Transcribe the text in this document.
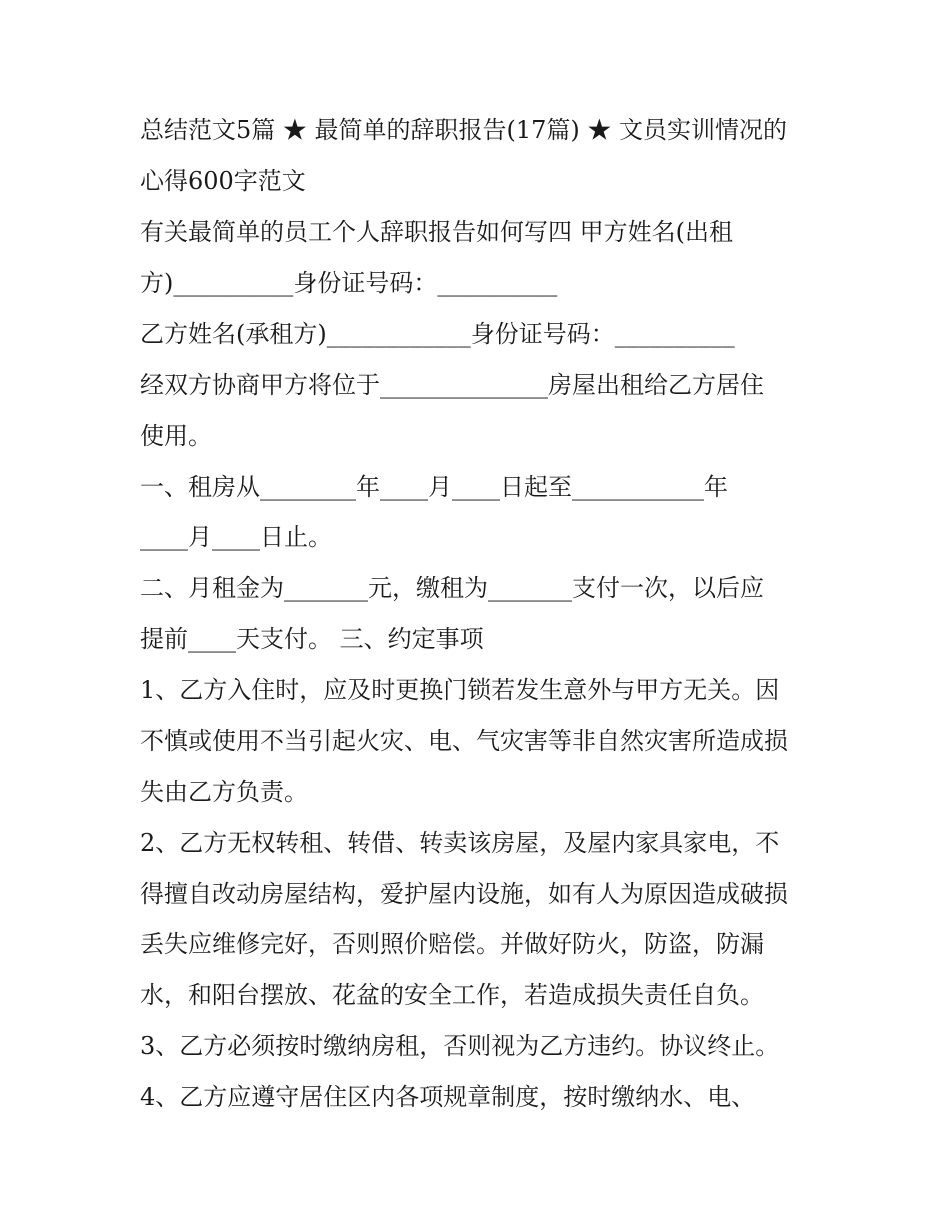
总结范文5篇 ★ 最简单的辞职报告(17篇) ★ 文员实训情况的

心得600字范文

有关最简单的员工个人辞职报告如何写四 甲方姓名(出租

方)__________身份证号码：__________

乙方姓名(承租方)____________身份证号码：__________

经双方协商甲方将位于______________房屋出租给乙方居住

使用。

一、租房从________年____月____日起至___________年

____月____日止。

二、月租金为_______元，缴租为_______支付一次，以后应

提前____天支付。 三、约定事项

1、乙方入住时，应及时更换门锁若发生意外与甲方无关。因

不慎或使用不当引起火灾、电、气灾害等非自然灾害所造成损

失由乙方负责。

2、乙方无权转租、转借、转卖该房屋，及屋内家具家电，不

得擅自改动房屋结构，爱护屋内设施，如有人为原因造成破损

丢失应维修完好，否则照价赔偿。并做好防火，防盗，防漏

水，和阳台摆放、花盆的安全工作，若造成损失责任自负。

3、乙方必须按时缴纳房租，否则视为乙方违约。协议终止。

4、乙方应遵守居住区内各项规章制度，按时缴纳水、电、
